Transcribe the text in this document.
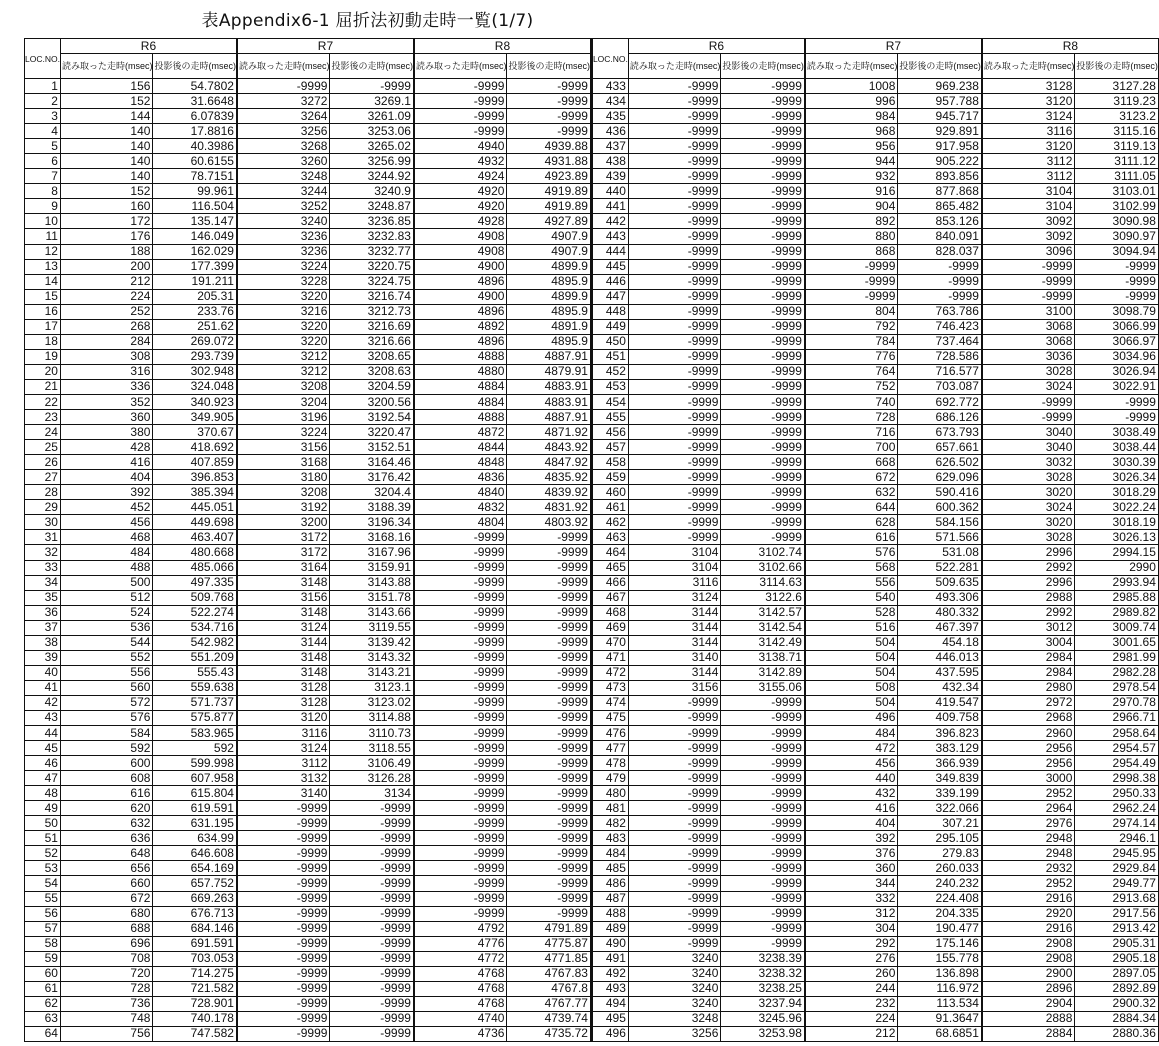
表Appendix6-1 屈折法初動走時一覧(1/7)
LOC.NO.	R6		R7		R8		LOC.NO.	R6		R7		R8	
	読み取った走時(msec)	投影後の走時(msec)	読み取った走時(msec)	投影後の走時(msec)	読み取った走時(msec)	投影後の走時(msec)		読み取った走時(msec)	投影後の走時(msec)	読み取った走時(msec)	投影後の走時(msec)	読み取った走時(msec)	投影後の走時(msec)
1	156	54.7802	-9999	-9999	-9999	-9999	433	-9999	-9999	1008	969.238	3128	3127.28
2	152	31.6648	3272	3269.1	-9999	-9999	434	-9999	-9999	996	957.788	3120	3119.23
3	144	6.07839	3264	3261.09	-9999	-9999	435	-9999	-9999	984	945.717	3124	3123.2
4	140	17.8816	3256	3253.06	-9999	-9999	436	-9999	-9999	968	929.891	3116	3115.16
5	140	40.3986	3268	3265.02	4940	4939.88	437	-9999	-9999	956	917.958	3120	3119.13
6	140	60.6155	3260	3256.99	4932	4931.88	438	-9999	-9999	944	905.222	3112	3111.12
7	140	78.7151	3248	3244.92	4924	4923.89	439	-9999	-9999	932	893.856	3112	3111.05
8	152	99.961	3244	3240.9	4920	4919.89	440	-9999	-9999	916	877.868	3104	3103.01
9	160	116.504	3252	3248.87	4920	4919.89	441	-9999	-9999	904	865.482	3104	3102.99
10	172	135.147	3240	3236.85	4928	4927.89	442	-9999	-9999	892	853.126	3092	3090.98
11	176	146.049	3236	3232.83	4908	4907.9	443	-9999	-9999	880	840.091	3092	3090.97
12	188	162.029	3236	3232.77	4908	4907.9	444	-9999	-9999	868	828.037	3096	3094.94
13	200	177.399	3224	3220.75	4900	4899.9	445	-9999	-9999	-9999	-9999	-9999	-9999
14	212	191.211	3228	3224.75	4896	4895.9	446	-9999	-9999	-9999	-9999	-9999	-9999
15	224	205.31	3220	3216.74	4900	4899.9	447	-9999	-9999	-9999	-9999	-9999	-9999
16	252	233.76	3216	3212.73	4896	4895.9	448	-9999	-9999	804	763.786	3100	3098.79
17	268	251.62	3220	3216.69	4892	4891.9	449	-9999	-9999	792	746.423	3068	3066.99
18	284	269.072	3220	3216.66	4896	4895.9	450	-9999	-9999	784	737.464	3068	3066.97
19	308	293.739	3212	3208.65	4888	4887.91	451	-9999	-9999	776	728.586	3036	3034.96
20	316	302.948	3212	3208.63	4880	4879.91	452	-9999	-9999	764	716.577	3028	3026.94
21	336	324.048	3208	3204.59	4884	4883.91	453	-9999	-9999	752	703.087	3024	3022.91
22	352	340.923	3204	3200.56	4884	4883.91	454	-9999	-9999	740	692.772	-9999	-9999
23	360	349.905	3196	3192.54	4888	4887.91	455	-9999	-9999	728	686.126	-9999	-9999
24	380	370.67	3224	3220.47	4872	4871.92	456	-9999	-9999	716	673.793	3040	3038.49
25	428	418.692	3156	3152.51	4844	4843.92	457	-9999	-9999	700	657.661	3040	3038.44
26	416	407.859	3168	3164.46	4848	4847.92	458	-9999	-9999	668	626.502	3032	3030.39
27	404	396.853	3180	3176.42	4836	4835.92	459	-9999	-9999	672	629.096	3028	3026.34
28	392	385.394	3208	3204.4	4840	4839.92	460	-9999	-9999	632	590.416	3020	3018.29
29	452	445.051	3192	3188.39	4832	4831.92	461	-9999	-9999	644	600.362	3024	3022.24
30	456	449.698	3200	3196.34	4804	4803.92	462	-9999	-9999	628	584.156	3020	3018.19
31	468	463.407	3172	3168.16	-9999	-9999	463	-9999	-9999	616	571.566	3028	3026.13
32	484	480.668	3172	3167.96	-9999	-9999	464	3104	3102.74	576	531.08	2996	2994.15
33	488	485.066	3164	3159.91	-9999	-9999	465	3104	3102.66	568	522.281	2992	2990
34	500	497.335	3148	3143.88	-9999	-9999	466	3116	3114.63	556	509.635	2996	2993.94
35	512	509.768	3156	3151.78	-9999	-9999	467	3124	3122.6	540	493.306	2988	2985.88
36	524	522.274	3148	3143.66	-9999	-9999	468	3144	3142.57	528	480.332	2992	2989.82
37	536	534.716	3124	3119.55	-9999	-9999	469	3144	3142.54	516	467.397	3012	3009.74
38	544	542.982	3144	3139.42	-9999	-9999	470	3144	3142.49	504	454.18	3004	3001.65
39	552	551.209	3148	3143.32	-9999	-9999	471	3140	3138.71	504	446.013	2984	2981.99
40	556	555.43	3148	3143.21	-9999	-9999	472	3144	3142.89	504	437.595	2984	2982.28
41	560	559.638	3128	3123.1	-9999	-9999	473	3156	3155.06	508	432.34	2980	2978.54
42	572	571.737	3128	3123.02	-9999	-9999	474	-9999	-9999	504	419.547	2972	2970.78
43	576	575.877	3120	3114.88	-9999	-9999	475	-9999	-9999	496	409.758	2968	2966.71
44	584	583.965	3116	3110.73	-9999	-9999	476	-9999	-9999	484	396.823	2960	2958.64
45	592	592	3124	3118.55	-9999	-9999	477	-9999	-9999	472	383.129	2956	2954.57
46	600	599.998	3112	3106.49	-9999	-9999	478	-9999	-9999	456	366.939	2956	2954.49
47	608	607.958	3132	3126.28	-9999	-9999	479	-9999	-9999	440	349.839	3000	2998.38
48	616	615.804	3140	3134	-9999	-9999	480	-9999	-9999	432	339.199	2952	2950.33
49	620	619.591	-9999	-9999	-9999	-9999	481	-9999	-9999	416	322.066	2964	2962.24
50	632	631.195	-9999	-9999	-9999	-9999	482	-9999	-9999	404	307.21	2976	2974.14
51	636	634.99	-9999	-9999	-9999	-9999	483	-9999	-9999	392	295.105	2948	2946.1
52	648	646.608	-9999	-9999	-9999	-9999	484	-9999	-9999	376	279.83	2948	2945.95
53	656	654.169	-9999	-9999	-9999	-9999	485	-9999	-9999	360	260.033	2932	2929.84
54	660	657.752	-9999	-9999	-9999	-9999	486	-9999	-9999	344	240.232	2952	2949.77
55	672	669.263	-9999	-9999	-9999	-9999	487	-9999	-9999	332	224.408	2916	2913.68
56	680	676.713	-9999	-9999	-9999	-9999	488	-9999	-9999	312	204.335	2920	2917.56
57	688	684.146	-9999	-9999	4792	4791.89	489	-9999	-9999	304	190.477	2916	2913.42
58	696	691.591	-9999	-9999	4776	4775.87	490	-9999	-9999	292	175.146	2908	2905.31
59	708	703.053	-9999	-9999	4772	4771.85	491	3240	3238.39	276	155.778	2908	2905.18
60	720	714.275	-9999	-9999	4768	4767.83	492	3240	3238.32	260	136.898	2900	2897.05
61	728	721.582	-9999	-9999	4768	4767.8	493	3240	3238.25	244	116.972	2896	2892.89
62	736	728.901	-9999	-9999	4768	4767.77	494	3240	3237.94	232	113.534	2904	2900.32
63	748	740.178	-9999	-9999	4740	4739.74	495	3248	3245.96	224	91.3647	2888	2884.34
64	756	747.582	-9999	-9999	4736	4735.72	496	3256	3253.98	212	68.6851	2884	2880.36
